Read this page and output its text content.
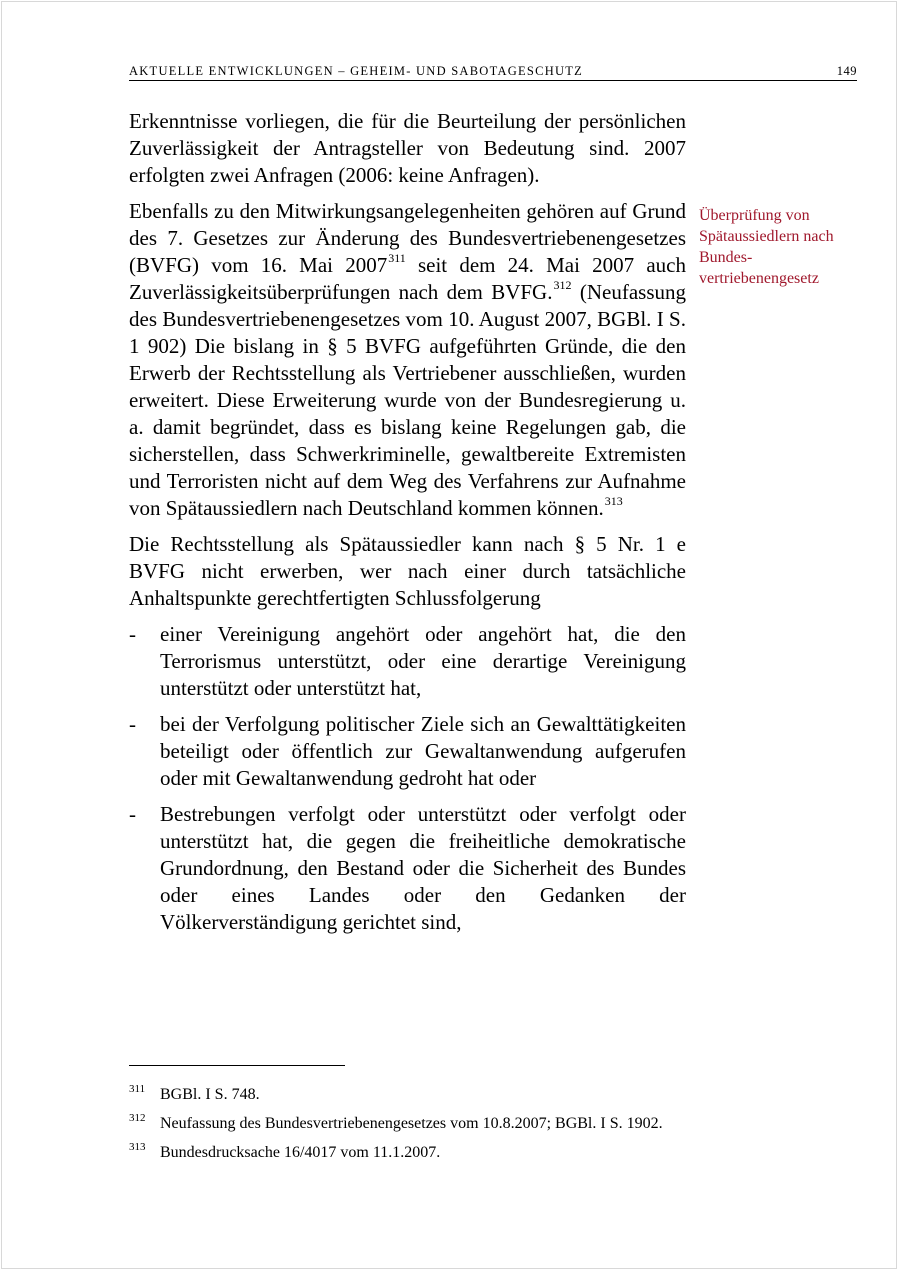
AKTUELLE ENTWICKLUNGEN – GEHEIM- UND SABOTAGESCHUTZ	149
Überprüfung von Spätaussiedlern nach Bundes-vertriebenengesetz

Erkenntnisse vorliegen, die für die Beurteilung der persönlichen Zuverlässigkeit der Antragsteller von Bedeutung sind. 2007 erfolgten zwei Anfragen (2006: keine Anfragen).

Ebenfalls zu den Mitwirkungsangelegenheiten gehören auf Grund des 7. Gesetzes zur Änderung des Bundesvertriebenengesetzes (BVFG) vom 16. Mai 2007$^{311}$ seit dem 24. Mai 2007 auch Zuverlässigkeitsüberprüfungen nach dem BVFG.$^{312}$ (Neufassung des Bundesvertriebenengesetzes vom 10. August 2007, BGBl. I S. 1 902) Die bislang in § 5 BVFG aufgeführten Gründe, die den Erwerb der Rechtsstellung als Vertriebener ausschließen, wurden erweitert. Diese Erweiterung wurde von der Bundesregierung u. a. damit begründet, dass es bislang keine Regelungen gab, die sicherstellen, dass Schwerkriminelle, gewaltbereite Extremisten und Terroristen nicht auf dem Weg des Verfahrens zur Aufnahme von Spätaussiedlern nach Deutschland kommen können.$^{313}$

Die Rechtsstellung als Spätaussiedler kann nach § 5 Nr. 1 e BVFG nicht erwerben, wer nach einer durch tatsächliche Anhaltspunkte gerechtfertigten Schlussfolgerung

- einer Vereinigung angehört oder angehört hat, die den Terrorismus unterstützt, oder eine derartige Vereinigung unterstützt oder unterstützt hat,
- bei der Verfolgung politischer Ziele sich an Gewalttätigkeiten beteiligt oder öffentlich zur Gewaltanwendung aufgerufen oder mit Gewaltanwendung gedroht hat oder
- Bestrebungen verfolgt oder unterstützt oder verfolgt oder unterstützt hat, die gegen die freiheitliche demokratische Grundordnung, den Bestand oder die Sicherheit des Bundes oder eines Landes oder den Gedanken der Völkerverständigung gerichtet sind,
311 BGBl. I S. 748.
312 Neufassung des Bundesvertriebenengesetzes vom 10.8.2007; BGBl. I S. 1902.
313 Bundesdrucksache 16/4017 vom 11.1.2007.
